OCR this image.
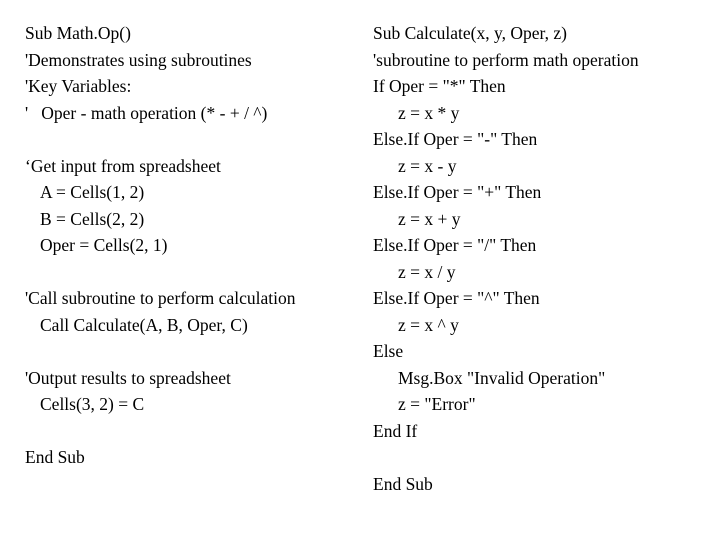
Sub Math.Op()
'Demonstrates using subroutines
'Key Variables:
'   Oper - math operation (* - + / ^)
‘Get input from spreadsheet
A = Cells(1, 2)
B = Cells(2, 2)
Oper = Cells(2, 1)
'Call subroutine to perform calculation
Call Calculate(A, B, Oper, C)
'Output results to spreadsheet
Cells(3, 2) = C
End Sub
Sub Calculate(x, y, Oper, z)
'subroutine to perform math operation
If Oper = "*" Then
z = x * y
Else.If Oper = "-" Then
z = x - y
Else.If Oper = "+" Then
z = x + y
Else.If Oper = "/" Then
z = x / y
Else.If Oper = "^" Then
z = x ^ y
Else
Msg.Box "Invalid Operation"
z = "Error"
End If
End Sub
